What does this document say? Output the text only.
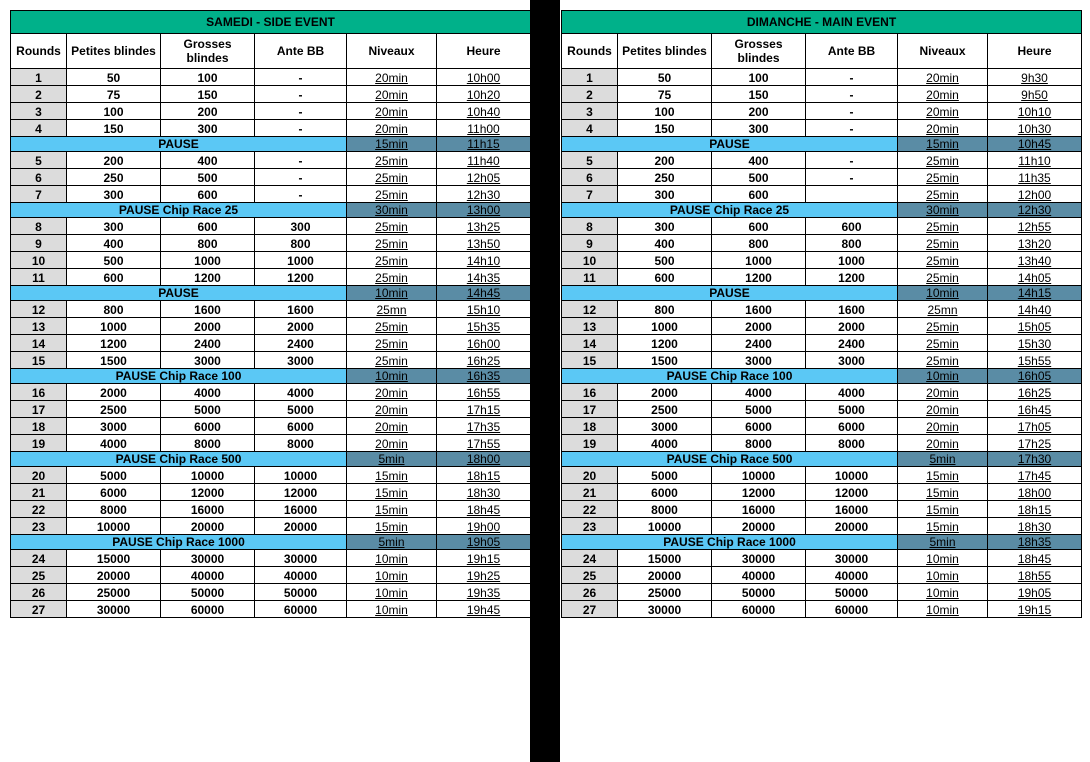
SAMEDI - SIDE EVENT					
Rounds	Petites blindes	Grosses blindes	Ante BB	Niveaux	Heure
1	50	100	-	20min	10h00
2	75	150	-	20min	10h20
3	100	200	-	20min	10h40
4	150	300	-	20min	11h00
PAUSE				15min	11h15
5	200	400	-	25min	11h40
6	250	500	-	25min	12h05
7	300	600	-	25min	12h30
PAUSE Chip Race 25				30min	13h00
8	300	600	300	25min	13h25
9	400	800	800	25min	13h50
10	500	1000	1000	25min	14h10
11	600	1200	1200	25min	14h35
PAUSE				10min	14h45
12	800	1600	1600	25mn	15h10
13	1000	2000	2000	25min	15h35
14	1200	2400	2400	25min	16h00
15	1500	3000	3000	25min	16h25
PAUSE Chip Race 100				10min	16h35
16	2000	4000	4000	20min	16h55
17	2500	5000	5000	20min	17h15
18	3000	6000	6000	20min	17h35
19	4000	8000	8000	20min	17h55
PAUSE Chip Race 500				5min	18h00
20	5000	10000	10000	15min	18h15
21	6000	12000	12000	15min	18h30
22	8000	16000	16000	15min	18h45
23	10000	20000	20000	15min	19h00
PAUSE Chip Race 1000				5min	19h05
24	15000	30000	30000	10min	19h15
25	20000	40000	40000	10min	19h25
26	25000	50000	50000	10min	19h35
27	30000	60000	60000	10min	19h45
DIMANCHE - MAIN EVENT					
Rounds	Petites blindes	Grosses blindes	Ante BB	Niveaux	Heure
1	50	100	-	20min	9h30
2	75	150	-	20min	9h50
3	100	200	-	20min	10h10
4	150	300	-	20min	10h30
PAUSE				15min	10h45
5	200	400	-	25min	11h10
6	250	500	-	25min	11h35
7	300	600		25min	12h00
PAUSE Chip Race 25				30min	12h30
8	300	600	600	25min	12h55
9	400	800	800	25min	13h20
10	500	1000	1000	25min	13h40
11	600	1200	1200	25min	14h05
PAUSE				10min	14h15
12	800	1600	1600	25mn	14h40
13	1000	2000	2000	25min	15h05
14	1200	2400	2400	25min	15h30
15	1500	3000	3000	25min	15h55
PAUSE Chip Race 100				10min	16h05
16	2000	4000	4000	20min	16h25
17	2500	5000	5000	20min	16h45
18	3000	6000	6000	20min	17h05
19	4000	8000	8000	20min	17h25
PAUSE Chip Race 500				5min	17h30
20	5000	10000	10000	15min	17h45
21	6000	12000	12000	15min	18h00
22	8000	16000	16000	15min	18h15
23	10000	20000	20000	15min	18h30
PAUSE Chip Race 1000				5min	18h35
24	15000	30000	30000	10min	18h45
25	20000	40000	40000	10min	18h55
26	25000	50000	50000	10min	19h05
27	30000	60000	60000	10min	19h15
